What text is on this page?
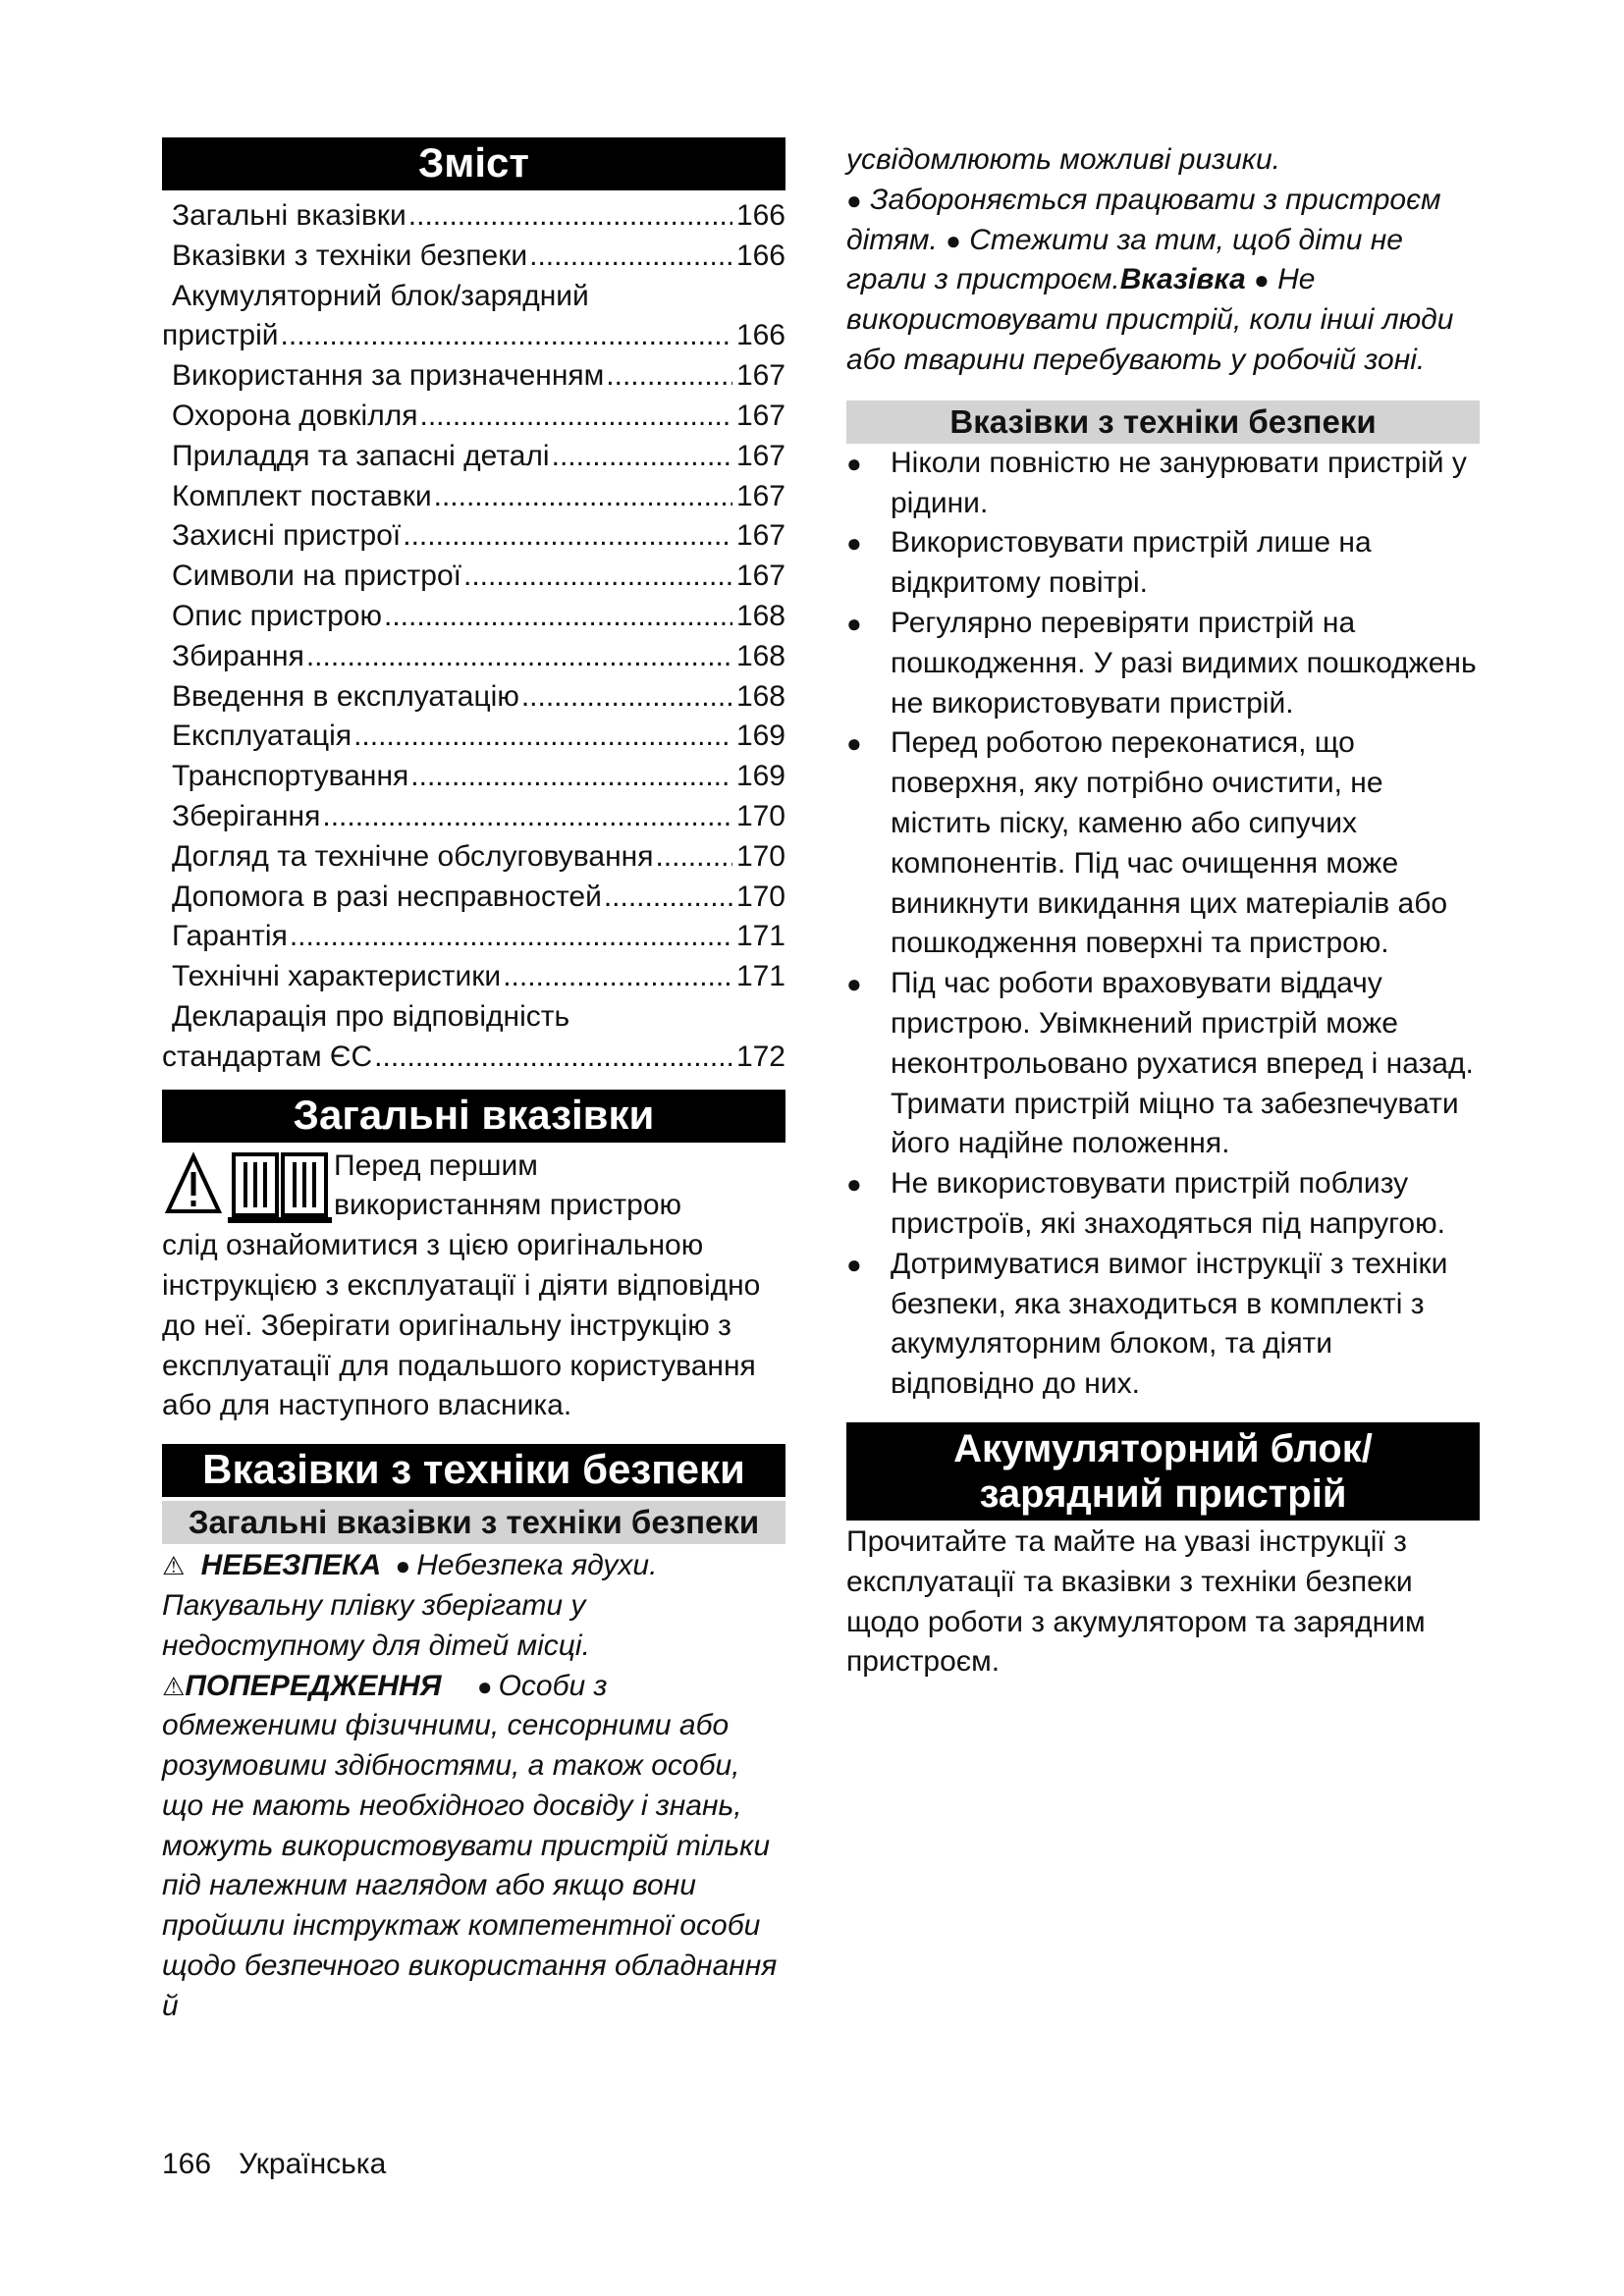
Зміст
Загальні вказівки .....	166
Вказівки з техніки безпеки .....	166
Акумуляторний блок/зарядний
пристрій .....	166
Використання за призначенням .....	167
Охорона довкілля .....	167
Приладдя та запасні деталі .....	167
Комплект поставки .....	167
Захисні пристрої .....	167
Символи на пристрої .....	167
Опис пристрою .....	168
Збирання .....	168
Введення в експлуатацію .....	168
Експлуатація .....	169
Транспортування .....	169
Зберігання .....	170
Догляд та технічне обслуговування .....	170
Допомога в разі несправностей .....	170
Гарантія .....	171
Технічні характеристики .....	171
Декларація про відповідність
стандартам ЄС .....	172
Загальні вказівки
Перед першим
використанням пристрою
слід ознайомитися з цією оригінальною інструкцією з експлуатації і діяти відповідно до неї. Зберігати оригінальну інструкцію з експлуатації для подальшого користування або для наступного власника.
Вказівки з техніки безпеки
Загальні вказівки з техніки безпеки

⚠ НЕБЕЗПЕКА ● Небезпека ядухи. Пакувальну плівку зберігати у недоступному для дітей місці.

⚠ПОПЕРЕДЖЕННЯ ● Особи з обмеженими фізичними, сенсорними або розумовими здібностями, а також особи, що не мають необхідного досвіду і знань, можуть використовувати пристрій тільки під належним наглядом або якщо вони пройшли інструктаж компетентної особи щодо безпечного використання обладнання й

усвідомлюють можливі ризики.
● Забороняється працювати з пристроєм дітям. ● Стежити за тим, щоб діти не грали з пристроєм.Вказівка ● Не використовувати пристрій, коли інші люди або тварини перебувають у робочій зоні.

Вказівки з техніки безпеки
● Ніколи повністю не занурювати пристрій у рідини.
● Використовувати пристрій лише на відкритому повітрі.
● Регулярно перевіряти пристрій на пошкодження. У разі видимих пошкоджень не використовувати пристрій.
● Перед роботою переконатися, що поверхня, яку потрібно очистити, не містить піску, каменю або сипучих компонентів. Під час очищення може виникнути викидання цих матеріалів або пошкодження поверхні та пристрою.
● Під час роботи враховувати віддачу пристрою. Увімкнений пристрій може неконтрольовано рухатися вперед і назад. Тримати пристрій міцно та забезпечувати його надійне положення.
● Не використовувати пристрій поблизу пристроїв, які знаходяться під напругою.
● Дотримуватися вимог інструкції з техніки безпеки, яка знаходиться в комплекті з акумуляторним блоком, та діяти відповідно до них.
Акумуляторний блок/
зарядний пристрій

Прочитайте та майте на увазі інструкції з експлуатації та вказівки з техніки безпеки щодо роботи з акумулятором та зарядним пристроєм.

166 Українська
